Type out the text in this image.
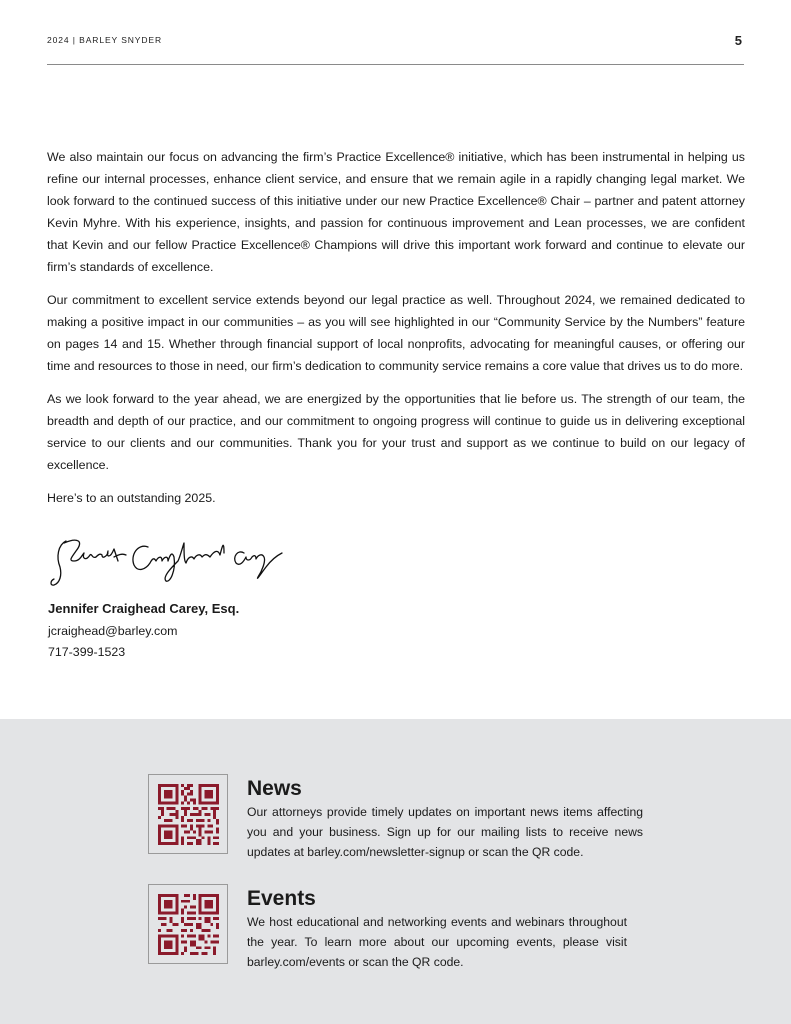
2024 | BARLEY SNYDER	5

We also maintain our focus on advancing the firm’s Practice Excellence® initiative, which has been instrumental in helping us refine our internal processes, enhance client service, and ensure that we remain agile in a rapidly changing legal market. We look forward to the continued success of this initiative under our new Practice Excellence® Chair – partner and patent attorney Kevin Myhre. With his experience, insights, and passion for continuous improvement and Lean processes, we are confident that Kevin and our fellow Practice Excellence® Champions will drive this important work forward and continue to elevate our firm’s standards of excellence.

Our commitment to excellent service extends beyond our legal practice as well. Throughout 2024, we remained dedicated to making a positive impact in our communities – as you will see highlighted in our “Community Service by the Numbers” feature on pages 14 and 15. Whether through financial support of local nonprofits, advocating for meaningful causes, or offering our time and resources to those in need, our firm’s dedication to community service remains a core value that drives us to do more.

As we look forward to the year ahead, we are energized by the opportunities that lie before us. The strength of our team, the breadth and depth of our practice, and our commitment to ongoing progress will continue to guide us in delivering exceptional service to our clients and our communities. Thank you for your trust and support as we continue to build on our legacy of excellence.

Here’s to an outstanding 2025.

Jennifer Craighead Carey, Esq.
jcraighead@barley.com
717-399-1523
News
Our attorneys provide timely updates on important news items affecting you and your business. Sign up for our mailing lists to receive news updates at barley.com/newsletter-signup or scan the QR code.
Events
We host educational and networking events and webinars throughout the year. To learn more about our upcoming events, please visit barley.com/events or scan the QR code.
